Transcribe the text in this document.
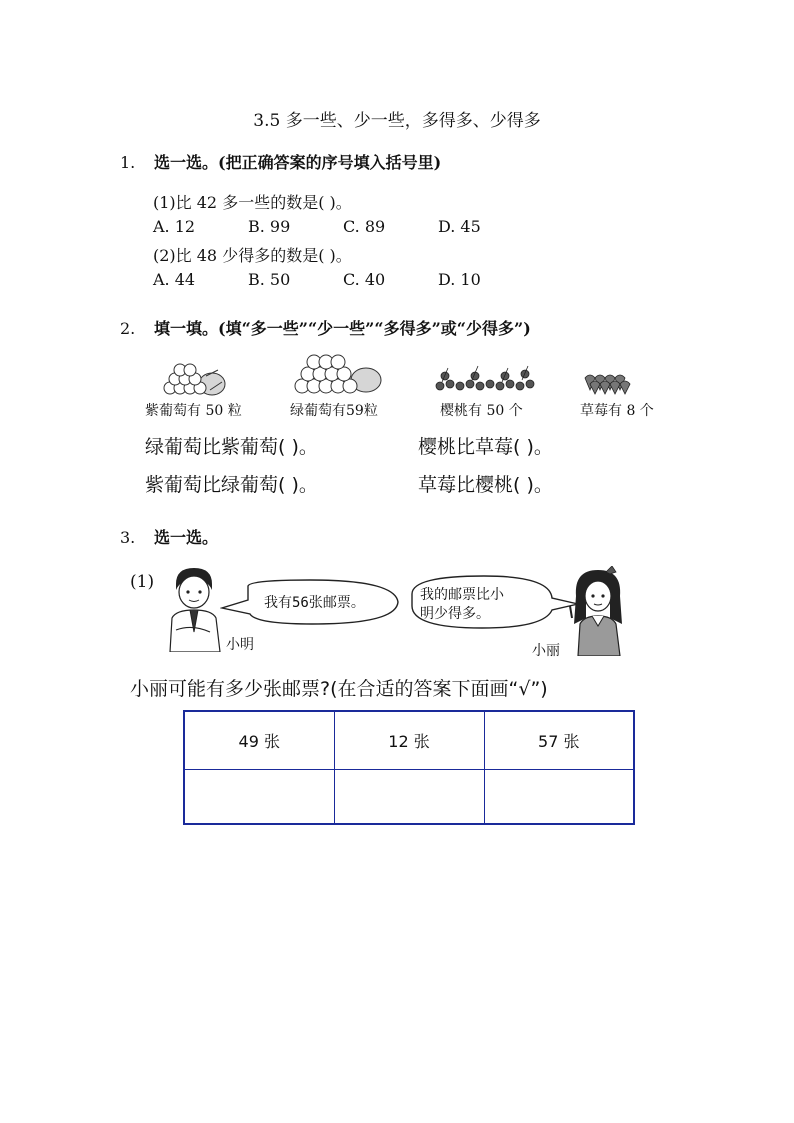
3.5 多一些、少一些，多得多、少得多
1. 选一选。(把正确答案的序号填入括号里)
(1)比 42 多一些的数是( )。
A. 12	B. 99	C. 89	D. 45
(2)比 48 少得多的数是( )。
A. 44	B. 50	C. 40	D. 10
2. 填一填。(填“多一些”“少一些”“多得多”或“少得多”)
紫葡萄有 50 粒	绿葡萄有59粒	樱桃有 50 个	草莓有 8 个
绿葡萄比紫葡萄( )。	樱桃比草莓( )。
紫葡萄比绿葡萄( )。	草莓比樱桃( )。
3. 选一选。
(1)
我有56张邮票。
小明
我的邮票比小
明少得多。
小丽
小丽可能有多少张邮票?(在合适的答案下面画“√”)
49 张	12 张	57 张
